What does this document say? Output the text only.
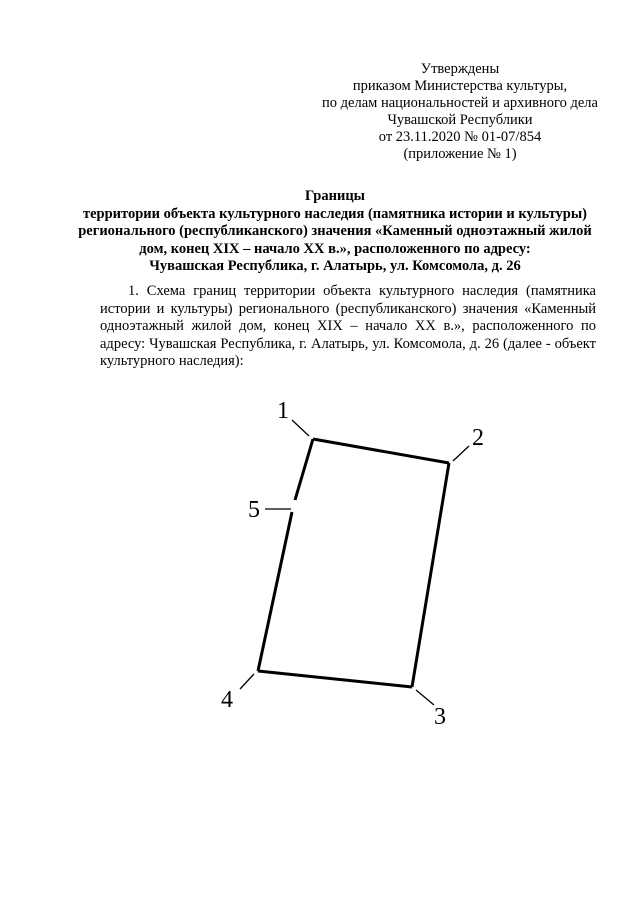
Утверждены
приказом Министерства культуры,
по делам национальностей и архивного дела
Чувашской Республики
от 23.11.2020 № 01-07/854
(приложение № 1)
Границы
территории объекта культурного наследия (памятника истории и культуры)
регионального (республиканского) значения «Каменный одноэтажный жилой
дом, конец XIX – начало XX в.», расположенного по адресу:
Чувашская Республика, г. Алатырь, ул. Комсомола, д. 26

1. Схема границ территории объекта культурного наследия (памятника истории и культуры) регионального (республиканского) значения «Каменный одноэтажный жилой дом, конец XIX – начало XX в.», расположенного по адресу: Чувашская Республика, г. Алатырь, ул. Комсомола, д. 26 (далее - объект культурного наследия):

1
2
3
4
5
